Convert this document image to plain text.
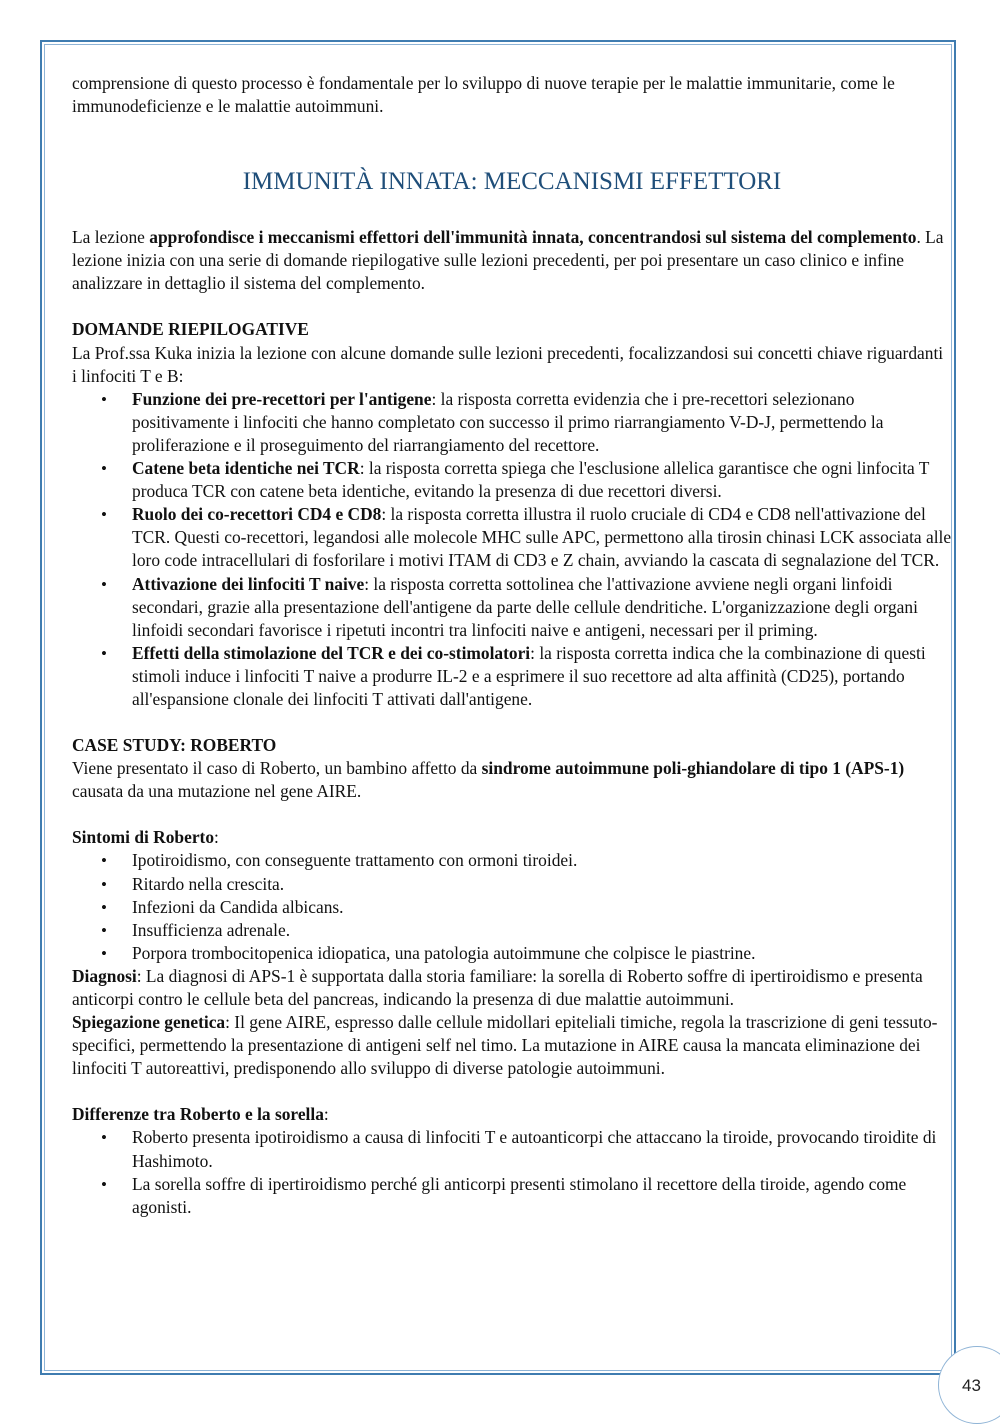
comprensione di questo processo è fondamentale per lo sviluppo di nuove terapie per le malattie immunitarie, come le immunodeficienze e le malattie autoimmuni.

IMMUNITÀ INNATA: MECCANISMI EFFETTORI

La lezione approfondisce i meccanismi effettori dell'immunità innata, concentrandosi sul sistema del complemento. La lezione inizia con una serie di domande riepilogative sulle lezioni precedenti, per poi presentare un caso clinico e infine analizzare in dettaglio il sistema del complemento.

DOMANDE RIEPILOGATIVE

La Prof.ssa Kuka inizia la lezione con alcune domande sulle lezioni precedenti, focalizzandosi sui concetti chiave riguardanti i linfociti T e B:

• Funzione dei pre-recettori per l'antigene: la risposta corretta evidenzia che i pre-recettori selezionano positivamente i linfociti che hanno completato con successo il primo riarrangiamento V-D-J, permettendo la proliferazione e il proseguimento del riarrangiamento del recettore.
• Catene beta identiche nei TCR: la risposta corretta spiega che l'esclusione allelica garantisce che ogni linfocita T produca TCR con catene beta identiche, evitando la presenza di due recettori diversi.
• Ruolo dei co-recettori CD4 e CD8: la risposta corretta illustra il ruolo cruciale di CD4 e CD8 nell'attivazione del TCR. Questi co-recettori, legandosi alle molecole MHC sulle APC, permettono alla tirosin chinasi LCK associata alle loro code intracellulari di fosforilare i motivi ITAM di CD3 e Z chain, avviando la cascata di segnalazione del TCR.
• Attivazione dei linfociti T naive: la risposta corretta sottolinea che l'attivazione avviene negli organi linfoidi secondari, grazie alla presentazione dell'antigene da parte delle cellule dendritiche. L'organizzazione degli organi linfoidi secondari favorisce i ripetuti incontri tra linfociti naive e antigeni, necessari per il priming.
• Effetti della stimolazione del TCR e dei co-stimolatori: la risposta corretta indica che la combinazione di questi stimoli induce i linfociti T naive a produrre IL-2 e a esprimere il suo recettore ad alta affinità (CD25), portando all'espansione clonale dei linfociti T attivati dall'antigene.

CASE STUDY: ROBERTO

Viene presentato il caso di Roberto, un bambino affetto da sindrome autoimmune poli-ghiandolare di tipo 1 (APS-1) causata da una mutazione nel gene AIRE.

Sintomi di Roberto:

• Ipotiroidismo, con conseguente trattamento con ormoni tiroidei.
• Ritardo nella crescita.
• Infezioni da Candida albicans.
• Insufficienza adrenale.
• Porpora trombocitopenica idiopatica, una patologia autoimmune che colpisce le piastrine.

Diagnosi: La diagnosi di APS-1 è supportata dalla storia familiare: la sorella di Roberto soffre di ipertiroidismo e presenta anticorpi contro le cellule beta del pancreas, indicando la presenza di due malattie autoimmuni.

Spiegazione genetica: Il gene AIRE, espresso dalle cellule midollari epiteliali timiche, regola la trascrizione di geni tessuto-specifici, permettendo la presentazione di antigeni self nel timo. La mutazione in AIRE causa la mancata eliminazione dei linfociti T autoreattivi, predisponendo allo sviluppo di diverse patologie autoimmuni.

Differenze tra Roberto e la sorella:

• Roberto presenta ipotiroidismo a causa di linfociti T e autoanticorpi che attaccano la tiroide, provocando tiroidite di Hashimoto.
• La sorella soffre di ipertiroidismo perché gli anticorpi presenti stimolano il recettore della tiroide, agendo come agonisti.
43
